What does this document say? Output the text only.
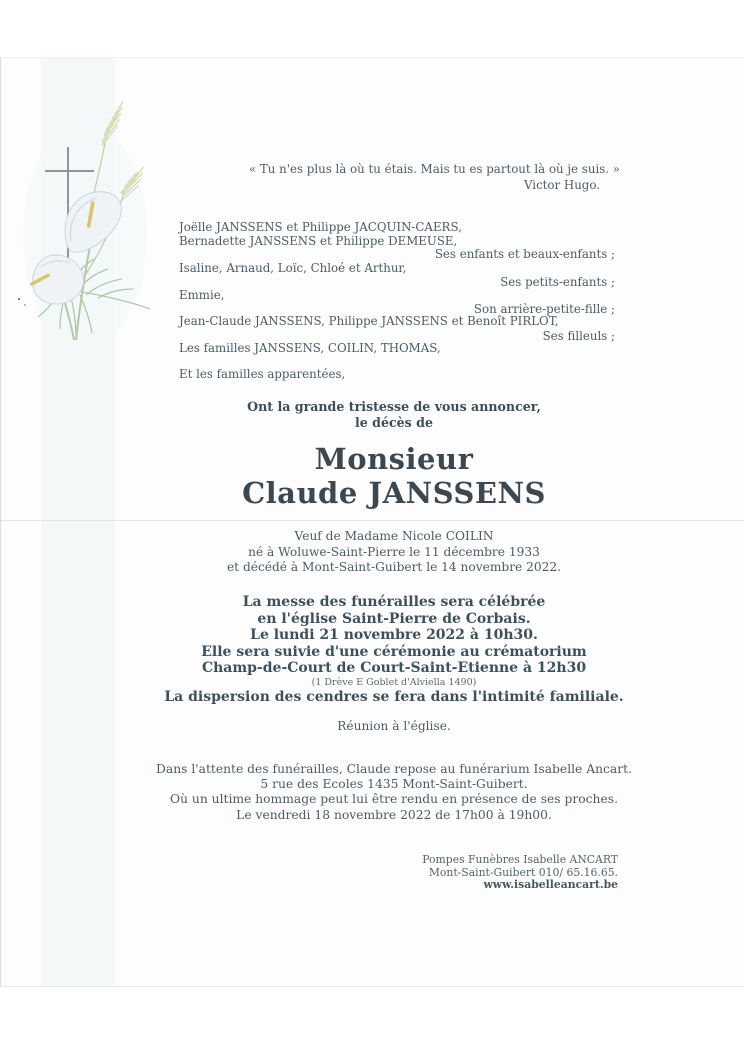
« Tu n'es plus là où tu étais. Mais tu es partout là où je suis. »
Victor Hugo.
Joëlle JANSSENS et Philippe JACQUIN-CAERS,
Bernadette JANSSENS et Philippe DEMEUSE,
Isaline, Arnaud, Loïc, Chloé et Arthur,
Emmie,
Jean-Claude JANSSENS, Philippe JANSSENS et Benoît PIRLOT,
Les familles JANSSENS, COILIN, THOMAS,
Et les familles apparentées,
Ses enfants et beaux-enfants ;
Ses petits-enfants ;
Son arrière-petite-fille ;
Ses filleuls ;
Ont la grande tristesse de vous annoncer,
le décès de
Monsieur
Claude JANSSENS
Veuf de Madame Nicole COILIN
né à Woluwe-Saint-Pierre le 11 décembre 1933
et décédé à Mont-Saint-Guibert le 14 novembre 2022.
La messe des funérailles sera célébrée
en l'église Saint-Pierre de Corbais.
Le lundi 21 novembre 2022 à 10h30.
Elle sera suivie d'une cérémonie au crématorium
Champ-de-Court de Court-Saint-Etienne à 12h30
(1 Drève E Goblet d'Alviella 1490)
La dispersion des cendres se fera dans l'intimité familiale.
Réunion à l'église.
Dans l'attente des funérailles, Claude repose au funérarium Isabelle Ancart.
5 rue des Ecoles 1435 Mont-Saint-Guibert.
Où un ultime hommage peut lui être rendu en présence de ses proches.
Le vendredi 18 novembre 2022 de 17h00 à 19h00.
Pompes Funèbres Isabelle ANCART
Mont-Saint-Guibert 010/ 65.16.65.
www.isabelleancart.be
